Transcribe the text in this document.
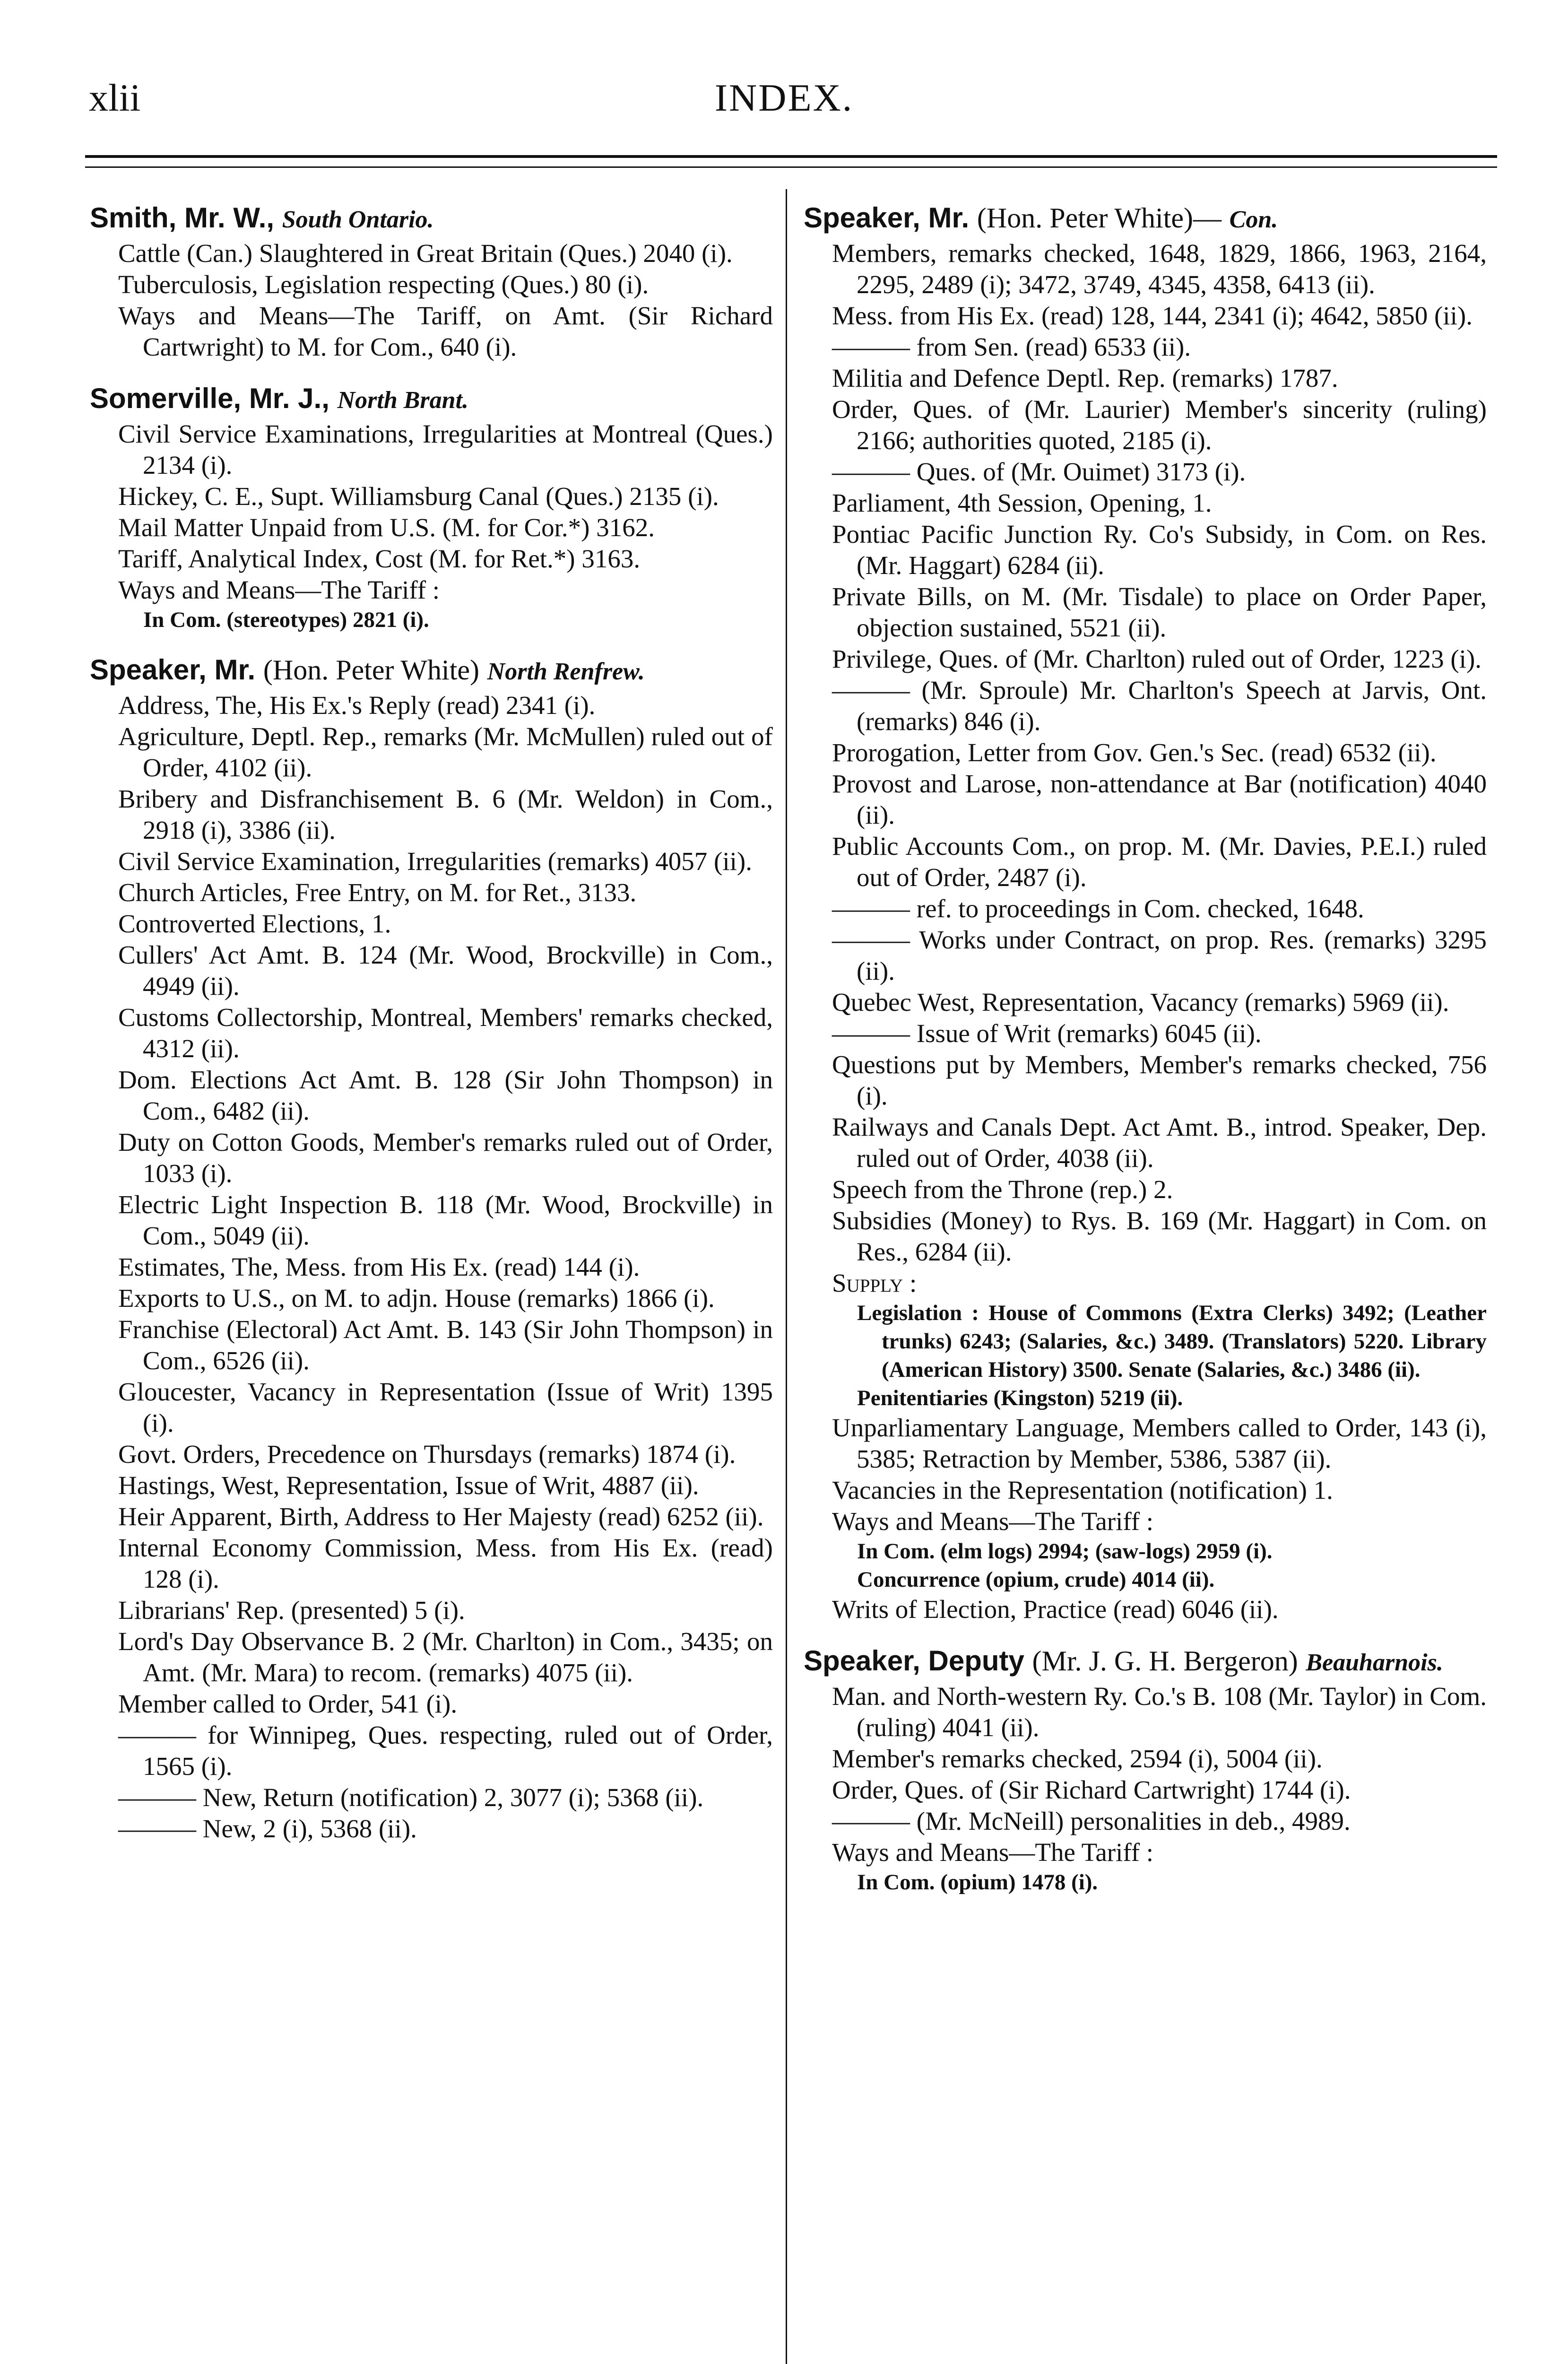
xlii	INDEX.
Smith, Mr. W., South Ontario.
Cattle (Can.) Slaughtered in Great Britain (Ques.) 2040 (i).
Tuberculosis, Legislation respecting (Ques.) 80 (i).
Ways and Means—The Tariff, on Amt. (Sir Richard Cartwright) to M. for Com., 640 (i).
Somerville, Mr. J., North Brant.
Civil Service Examinations, Irregularities at Montreal (Ques.) 2134 (i).
Hickey, C. E., Supt. Williamsburg Canal (Ques.) 2135 (i).
Mail Matter Unpaid from U.S. (M. for Cor.*) 3162.
Tariff, Analytical Index, Cost (M. for Ret.*) 3163.
Ways and Means—The Tariff :
In Com. (stereotypes) 2821 (i).
Speaker, Mr. (Hon. Peter White) North Renfrew.
Address, The, His Ex.'s Reply (read) 2341 (i).
Agriculture, Deptl. Rep., remarks (Mr. McMullen) ruled out of Order, 4102 (ii).
Bribery and Disfranchisement B. 6 (Mr. Weldon) in Com., 2918 (i), 3386 (ii).
Civil Service Examination, Irregularities (remarks) 4057 (ii).
Church Articles, Free Entry, on M. for Ret., 3133.
Controverted Elections, 1.
Cullers' Act Amt. B. 124 (Mr. Wood, Brockville) in Com., 4949 (ii).
Customs Collectorship, Montreal, Members' remarks checked, 4312 (ii).
Dom. Elections Act Amt. B. 128 (Sir John Thompson) in Com., 6482 (ii).
Duty on Cotton Goods, Member's remarks ruled out of Order, 1033 (i).
Electric Light Inspection B. 118 (Mr. Wood, Brockville) in Com., 5049 (ii).
Estimates, The, Mess. from His Ex. (read) 144 (i).
Exports to U.S., on M. to adjn. House (remarks) 1866 (i).
Franchise (Electoral) Act Amt. B. 143 (Sir John Thompson) in Com., 6526 (ii).
Gloucester, Vacancy in Representation (Issue of Writ) 1395 (i).
Govt. Orders, Precedence on Thursdays (remarks) 1874 (i).
Hastings, West, Representation, Issue of Writ, 4887 (ii).
Heir Apparent, Birth, Address to Her Majesty (read) 6252 (ii).
Internal Economy Commission, Mess. from His Ex. (read) 128 (i).
Librarians' Rep. (presented) 5 (i).
Lord's Day Observance B. 2 (Mr. Charlton) in Com., 3435; on Amt. (Mr. Mara) to recom. (remarks) 4075 (ii).
Member called to Order, 541 (i).
——— for Winnipeg, Ques. respecting, ruled out of Order, 1565 (i).
——— New, Return (notification) 2, 3077 (i); 5368 (ii).
——— New, 2 (i), 5368 (ii).
Speaker, Mr. (Hon. Peter White)— Con.
Members, remarks checked, 1648, 1829, 1866, 1963, 2164, 2295, 2489 (i); 3472, 3749, 4345, 4358, 6413 (ii).
Mess. from His Ex. (read) 128, 144, 2341 (i); 4642, 5850 (ii).
——— from Sen. (read) 6533 (ii).
Militia and Defence Deptl. Rep. (remarks) 1787.
Order, Ques. of (Mr. Laurier) Member's sincerity (ruling) 2166; authorities quoted, 2185 (i).
——— Ques. of (Mr. Ouimet) 3173 (i).
Parliament, 4th Session, Opening, 1.
Pontiac Pacific Junction Ry. Co's Subsidy, in Com. on Res. (Mr. Haggart) 6284 (ii).
Private Bills, on M. (Mr. Tisdale) to place on Order Paper, objection sustained, 5521 (ii).
Privilege, Ques. of (Mr. Charlton) ruled out of Order, 1223 (i).
——— (Mr. Sproule) Mr. Charlton's Speech at Jarvis, Ont. (remarks) 846 (i).
Prorogation, Letter from Gov. Gen.'s Sec. (read) 6532 (ii).
Provost and Larose, non-attendance at Bar (notification) 4040 (ii).
Public Accounts Com., on prop. M. (Mr. Davies, P.E.I.) ruled out of Order, 2487 (i).
——— ref. to proceedings in Com. checked, 1648.
——— Works under Contract, on prop. Res. (remarks) 3295 (ii).
Quebec West, Representation, Vacancy (remarks) 5969 (ii).
——— Issue of Writ (remarks) 6045 (ii).
Questions put by Members, Member's remarks checked, 756 (i).
Railways and Canals Dept. Act Amt. B., introd. Speaker, Dep. ruled out of Order, 4038 (ii).
Speech from the Throne (rep.) 2.
Subsidies (Money) to Rys. B. 169 (Mr. Haggart) in Com. on Res., 6284 (ii).
Supply :
Legislation : House of Commons (Extra Clerks) 3492; (Leather trunks) 6243; (Salaries, &c.) 3489. (Translators) 5220. Library (American History) 3500. Senate (Salaries, &c.) 3486 (ii).
Penitentiaries (Kingston) 5219 (ii).
Unparliamentary Language, Members called to Order, 143 (i), 5385; Retraction by Member, 5386, 5387 (ii).
Vacancies in the Representation (notification) 1.
Ways and Means—The Tariff :
In Com. (elm logs) 2994; (saw-logs) 2959 (i).
Concurrence (opium, crude) 4014 (ii).
Writs of Election, Practice (read) 6046 (ii).
Speaker, Deputy (Mr. J. G. H. Bergeron) Beauharnois.
Man. and North-western Ry. Co.'s B. 108 (Mr. Taylor) in Com. (ruling) 4041 (ii).
Member's remarks checked, 2594 (i), 5004 (ii).
Order, Ques. of (Sir Richard Cartwright) 1744 (i).
——— (Mr. McNeill) personalities in deb., 4989.
Ways and Means—The Tariff :
In Com. (opium) 1478 (i).
